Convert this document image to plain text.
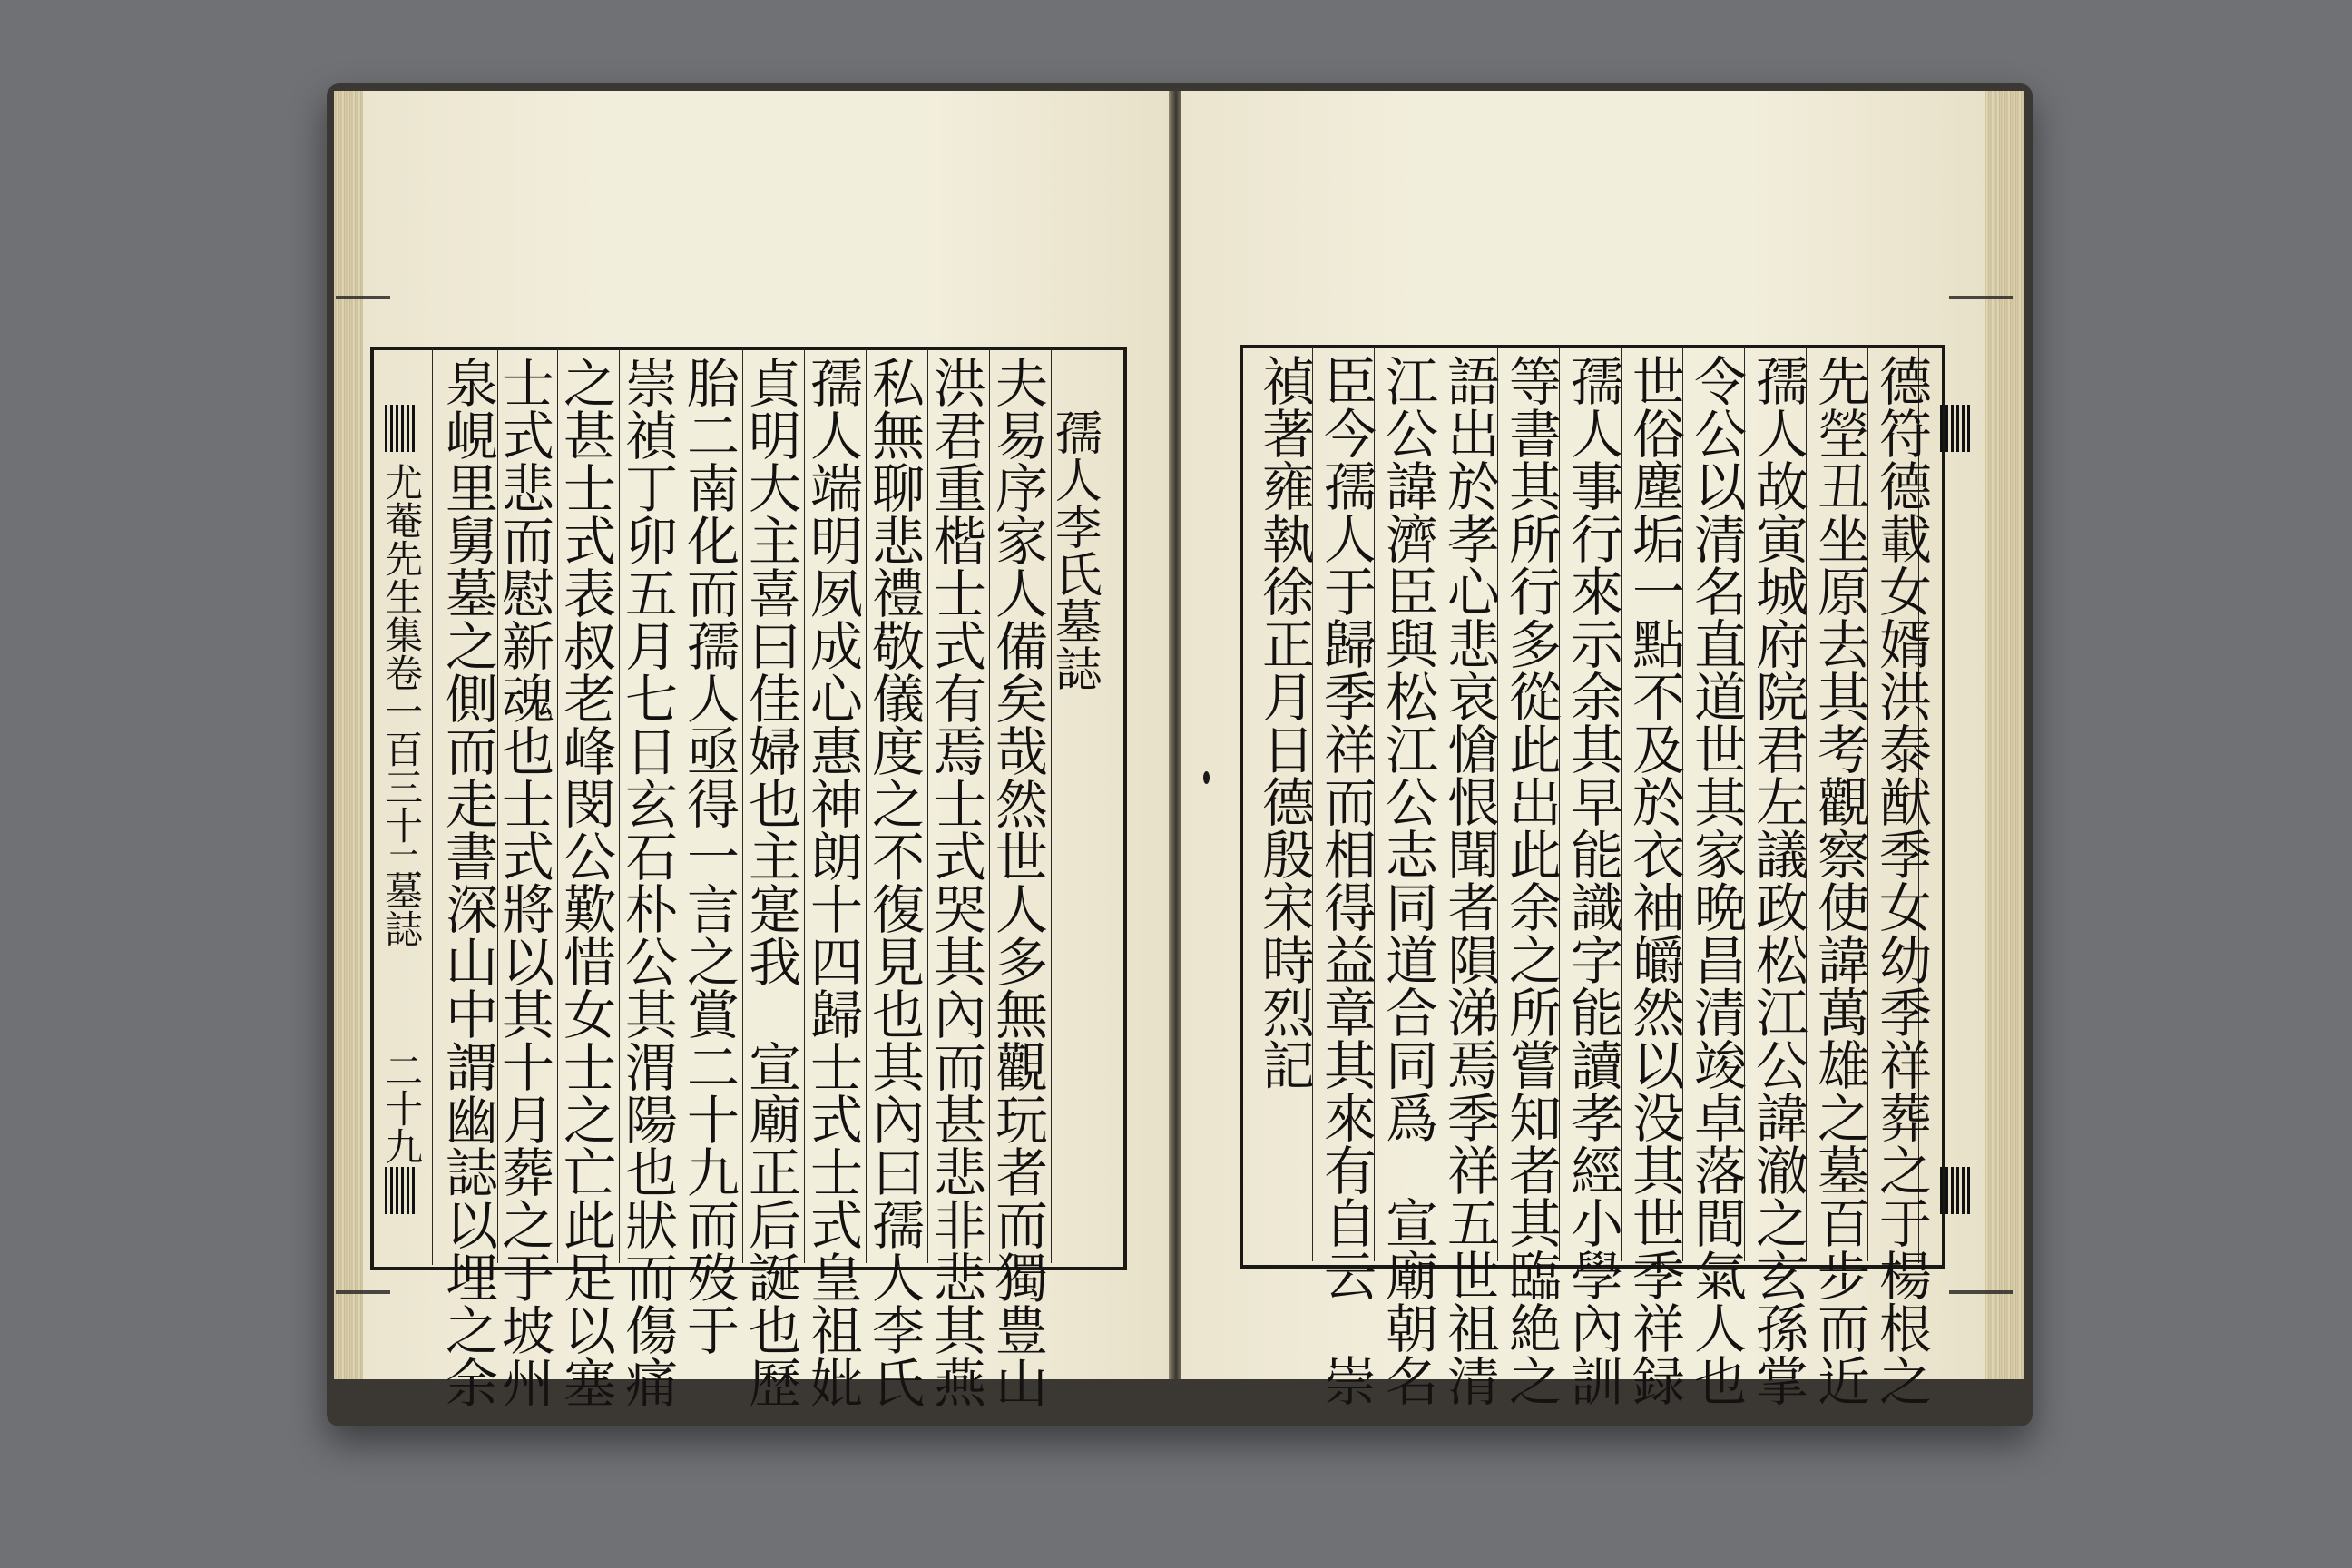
尤菴先生集卷一百三十二
墓誌
二十九
孺人李氏墓誌
夫易序家人備矣哉然世人多無觀玩者而獨豊山
洪君重楷士式有焉士式哭其內而甚悲非悲其燕
私無聊悲禮敬儀度之不復見也其內曰孺人李氏
孺人端明夙成心惠神朗十四歸士式士式皇祖妣
貞明大主喜曰佳婦也主寔我　宣廟正后誕也歷
胎二南化而孺人亟得一言之賞二十九而歿于
崇禎丁卯五月七日玄石朴公其渭陽也狀而傷痛
之甚士式表叔老峰閔公歎惜女士之亡此足以塞
士式悲而慰新魂也士式將以其十月葬之于坡州
泉峴里舅墓之側而走書深山中謂幽誌以埋之余	德符德載女婿洪泰猷季女幼季祥葬之于楊根之
先塋丑坐原去其考觀察使諱萬雄之墓百步而近
孺人故寅城府院君左議政松江公諱澈之玄孫掌
令公以清名直道世其家晩昌清竣卓落間氣人也
世俗塵垢一點不及於衣袖皭然以没其世季祥録
孺人事行來示余其早能識字能讀孝經小學內訓
等書其所行多從此出此余之所嘗知者其臨絶之
語出於孝心悲哀愴恨聞者隕涕焉季祥五世祖清
江公諱濟臣與松江公志同道合同爲　宣廟朝名
臣今孺人于歸季祥而相得益章其來有自云　崇
禎著雍執徐正月日德殷宋時烈記
